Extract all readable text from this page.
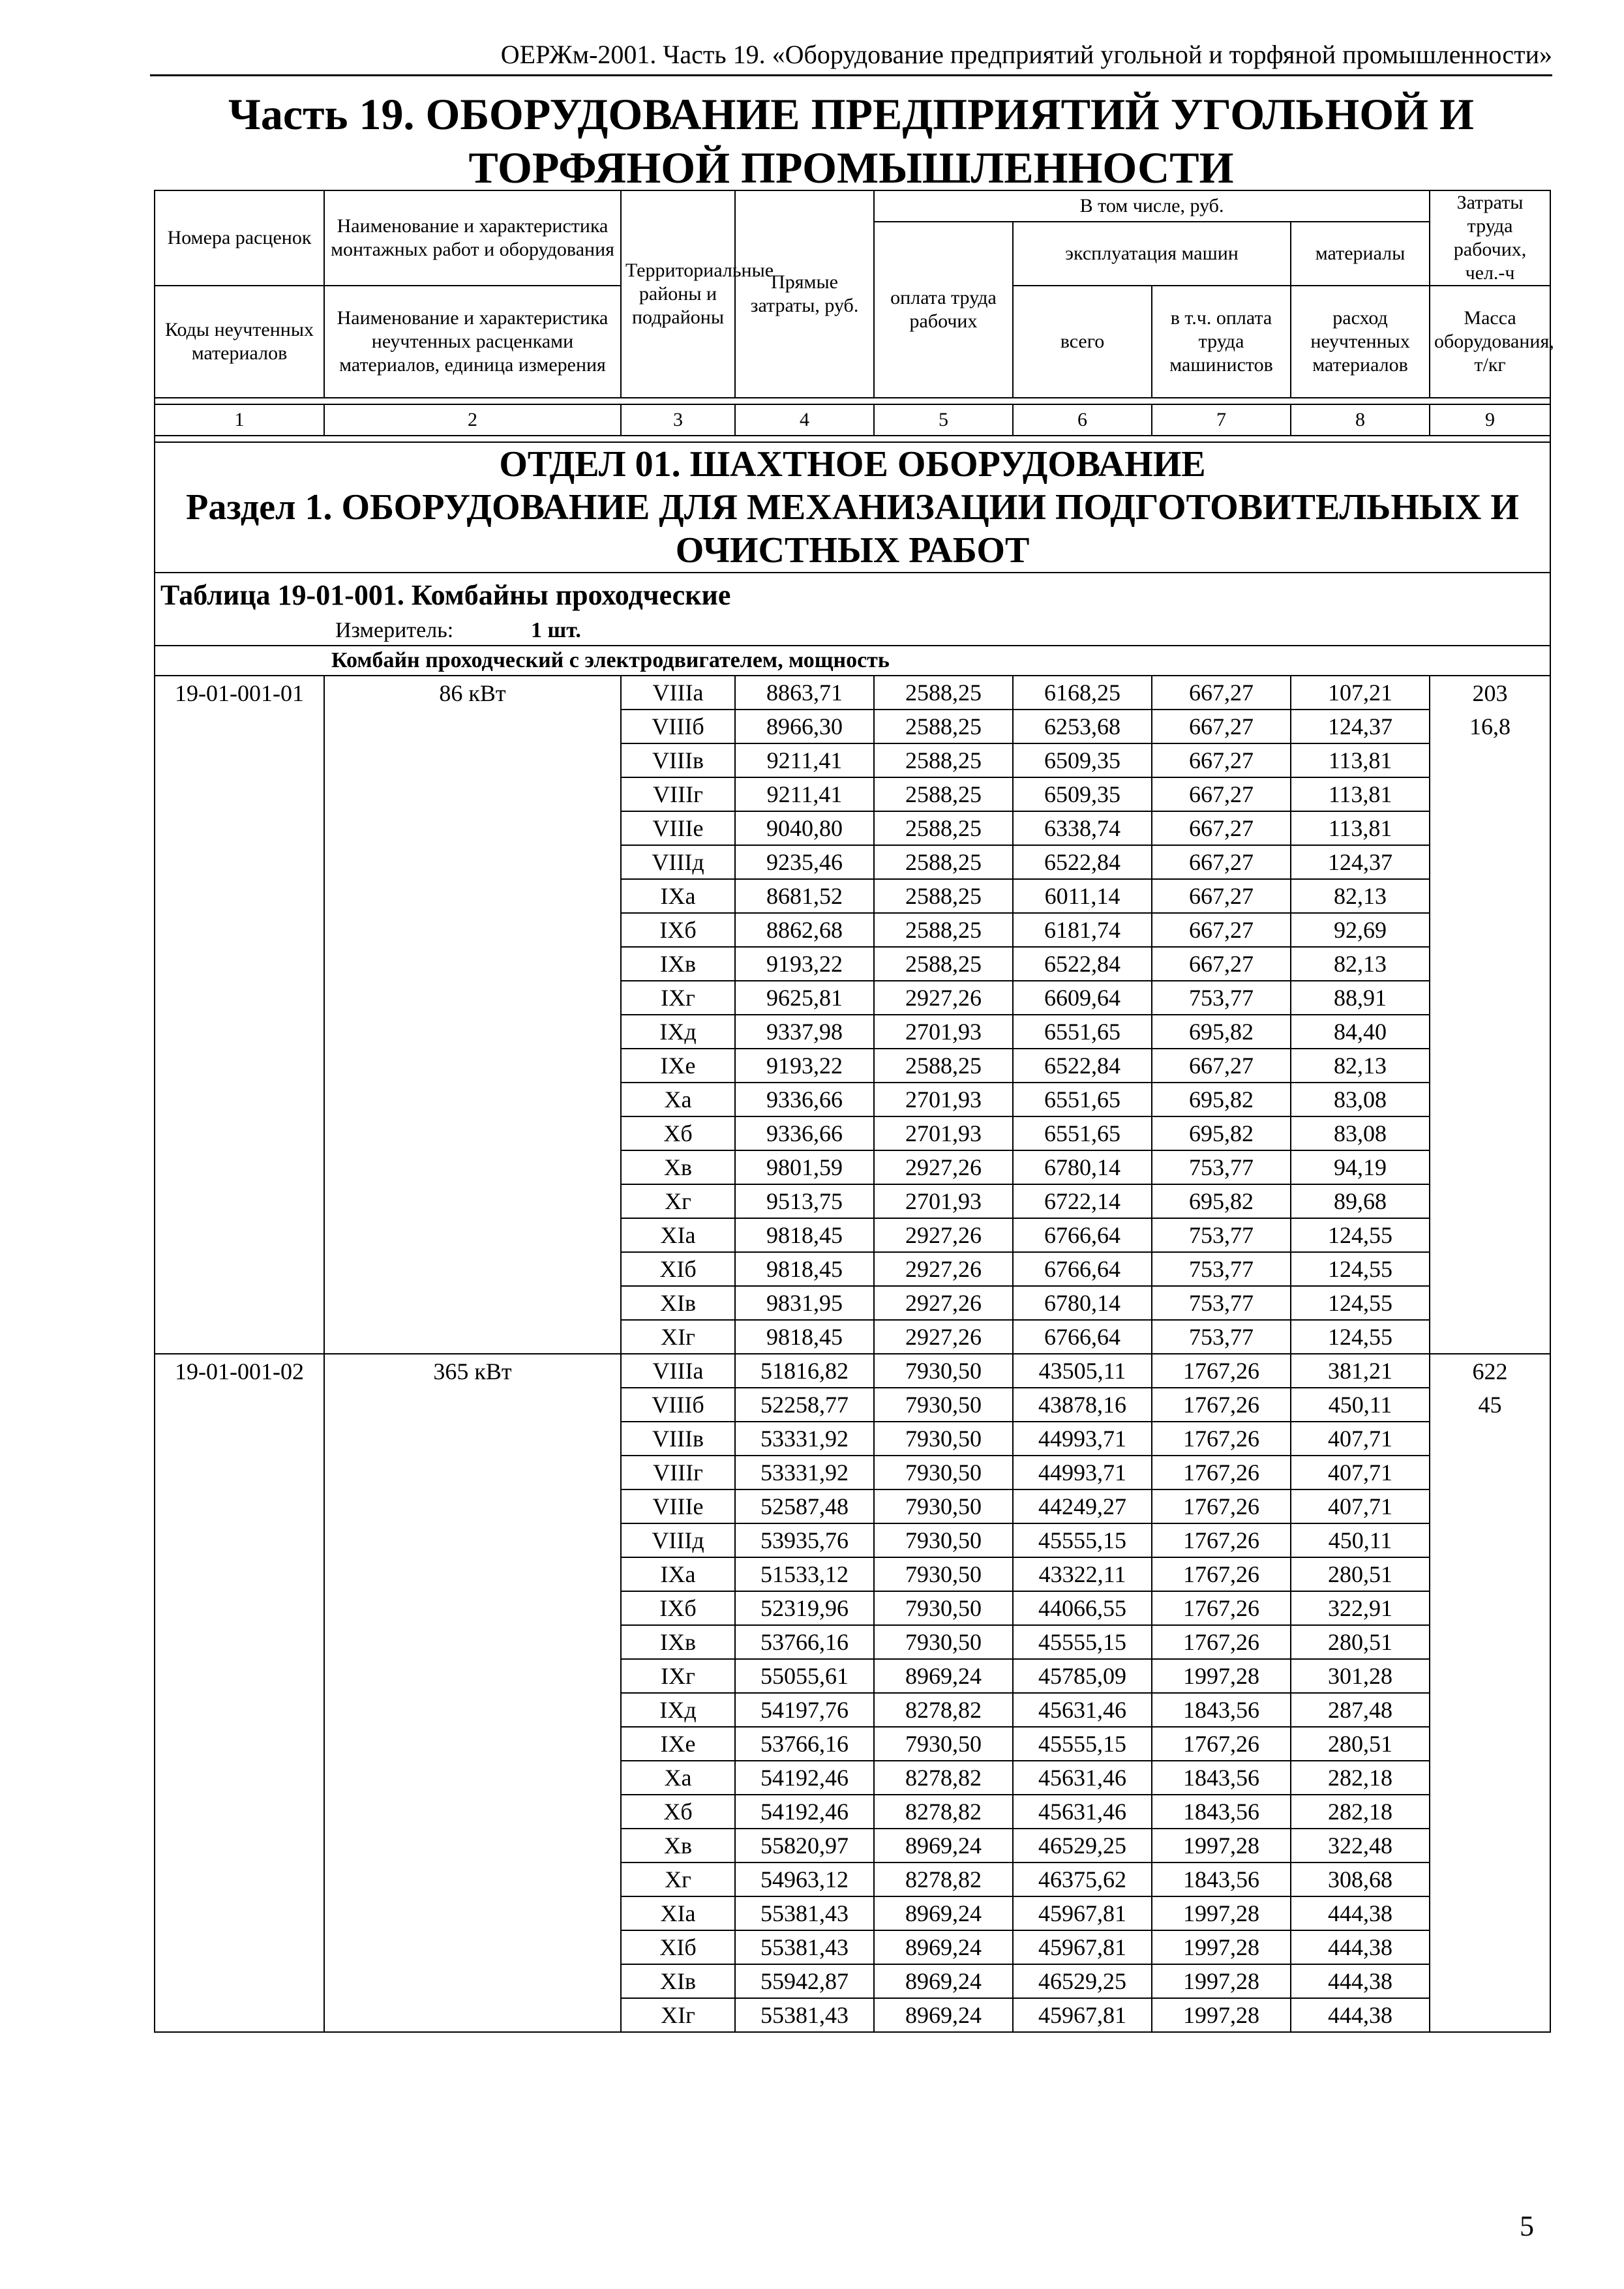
ОЕРЖм-2001. Часть 19. «Оборудование предприятий угольной и торфяной промышленности»
Часть 19. ОБОРУДОВАНИЕ ПРЕДПРИЯТИЙ УГОЛЬНОЙ И ТОРФЯНОЙ ПРОМЫШЛЕННОСТИ
Номера расценок	Наименование и характеристика монтажных работ и оборудования	Территориальные районы и подрайоны	Прямые затраты, руб.	В том числе, руб.				Затраты труда рабочих, чел.-ч
				оплата труда рабочих	эксплуатация машин		материалы	
Коды неучтенных материалов	Наименование и характеристика неучтенных расценками материалов, единица измерения				всего	в т.ч. оплата труда машинистов	расход неучтенных материалов	Масса оборудования, т/кг

1	2	3	4	5	6	7	8	9

ОТДЕЛ 01. ШАХТНОЕ ОБОРУДОВАНИЕ
Раздел 1. ОБОРУДОВАНИЕ ДЛЯ МЕХАНИЗАЦИИ ПОДГОТОВИТЕЛЬНЫХ И ОЧИСТНЫХ РАБОТ								

Таблица 19-01-001. Комбайны проходческие								
Измеритель: 1 шт.								
Комбайн проходческий с электродвигателем, мощность								
19-01-001-01	86 кВт	VIIIа	8863,71	2588,25	6168,25	667,27	107,21	203
		VIIIб	8966,30	2588,25	6253,68	667,27	124,37	16,8
		VIIIв	9211,41	2588,25	6509,35	667,27	113,81	
		VIIIг	9211,41	2588,25	6509,35	667,27	113,81	
		VIIIе	9040,80	2588,25	6338,74	667,27	113,81	
		VIIIд	9235,46	2588,25	6522,84	667,27	124,37	
		IXа	8681,52	2588,25	6011,14	667,27	82,13	
		IXб	8862,68	2588,25	6181,74	667,27	92,69	
		IXв	9193,22	2588,25	6522,84	667,27	82,13	
		IXг	9625,81	2927,26	6609,64	753,77	88,91	
		IXд	9337,98	2701,93	6551,65	695,82	84,40	
		IXе	9193,22	2588,25	6522,84	667,27	82,13	
		Xа	9336,66	2701,93	6551,65	695,82	83,08	
		Xб	9336,66	2701,93	6551,65	695,82	83,08	
		Xв	9801,59	2927,26	6780,14	753,77	94,19	
		Xг	9513,75	2701,93	6722,14	695,82	89,68	
		XIа	9818,45	2927,26	6766,64	753,77	124,55	
		XIб	9818,45	2927,26	6766,64	753,77	124,55	
		XIв	9831,95	2927,26	6780,14	753,77	124,55	
		XIг	9818,45	2927,26	6766,64	753,77	124,55	
19-01-001-02	365 кВт	VIIIа	51816,82	7930,50	43505,11	1767,26	381,21	622
		VIIIб	52258,77	7930,50	43878,16	1767,26	450,11	45
		VIIIв	53331,92	7930,50	44993,71	1767,26	407,71	
		VIIIг	53331,92	7930,50	44993,71	1767,26	407,71	
		VIIIе	52587,48	7930,50	44249,27	1767,26	407,71	
		VIIIд	53935,76	7930,50	45555,15	1767,26	450,11	
		IXа	51533,12	7930,50	43322,11	1767,26	280,51	
		IXб	52319,96	7930,50	44066,55	1767,26	322,91	
		IXв	53766,16	7930,50	45555,15	1767,26	280,51	
		IXг	55055,61	8969,24	45785,09	1997,28	301,28	
		IXд	54197,76	8278,82	45631,46	1843,56	287,48	
		IXе	53766,16	7930,50	45555,15	1767,26	280,51	
		Xа	54192,46	8278,82	45631,46	1843,56	282,18	
		Xб	54192,46	8278,82	45631,46	1843,56	282,18	
		Xв	55820,97	8969,24	46529,25	1997,28	322,48	
		Xг	54963,12	8278,82	46375,62	1843,56	308,68	
		XIа	55381,43	8969,24	45967,81	1997,28	444,38	
		XIб	55381,43	8969,24	45967,81	1997,28	444,38	
		XIв	55942,87	8969,24	46529,25	1997,28	444,38	
		XIг	55381,43	8969,24	45967,81	1997,28	444,38	
5
